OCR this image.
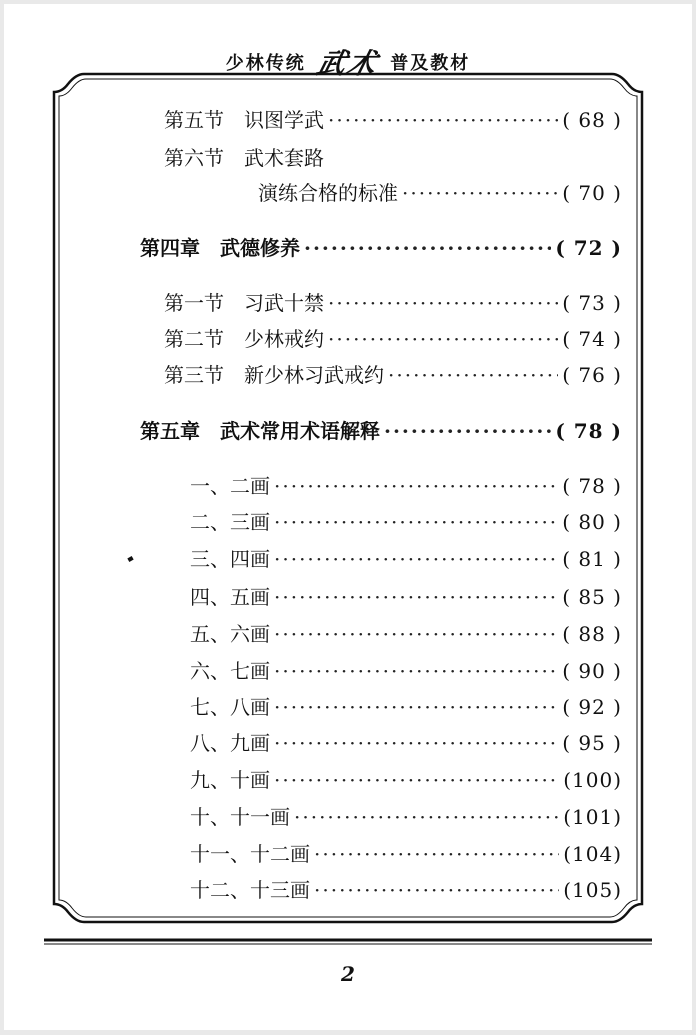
少林传统 武术 普及教材
第五节　识图学武 ·····	( 68 )
第六节　武术套路
演练合格的标准 ·····	( 70 )
第四章　武德修养 ·····	( 72 )
第一节　习武十禁 ·····	( 73 )
第二节　少林戒约 ·····	( 74 )
第三节　新少林习武戒约 ·····	( 76 )
第五章　武术常用术语解释 ·····	( 78 )
一、二画 ·····	( 78 )
二、三画 ·····	( 80 )
三、四画 ·····	( 81 )
四、五画 ·····	( 85 )
五、六画 ·····	( 88 )
六、七画 ·····	( 90 )
七、八画 ·····	( 92 )
八、九画 ·····	( 95 )
九、十画 ·····	(100)
十、十一画 ·····	(101)
十一、十二画 ·····	(104)
十二、十三画 ·····	(105)
2
